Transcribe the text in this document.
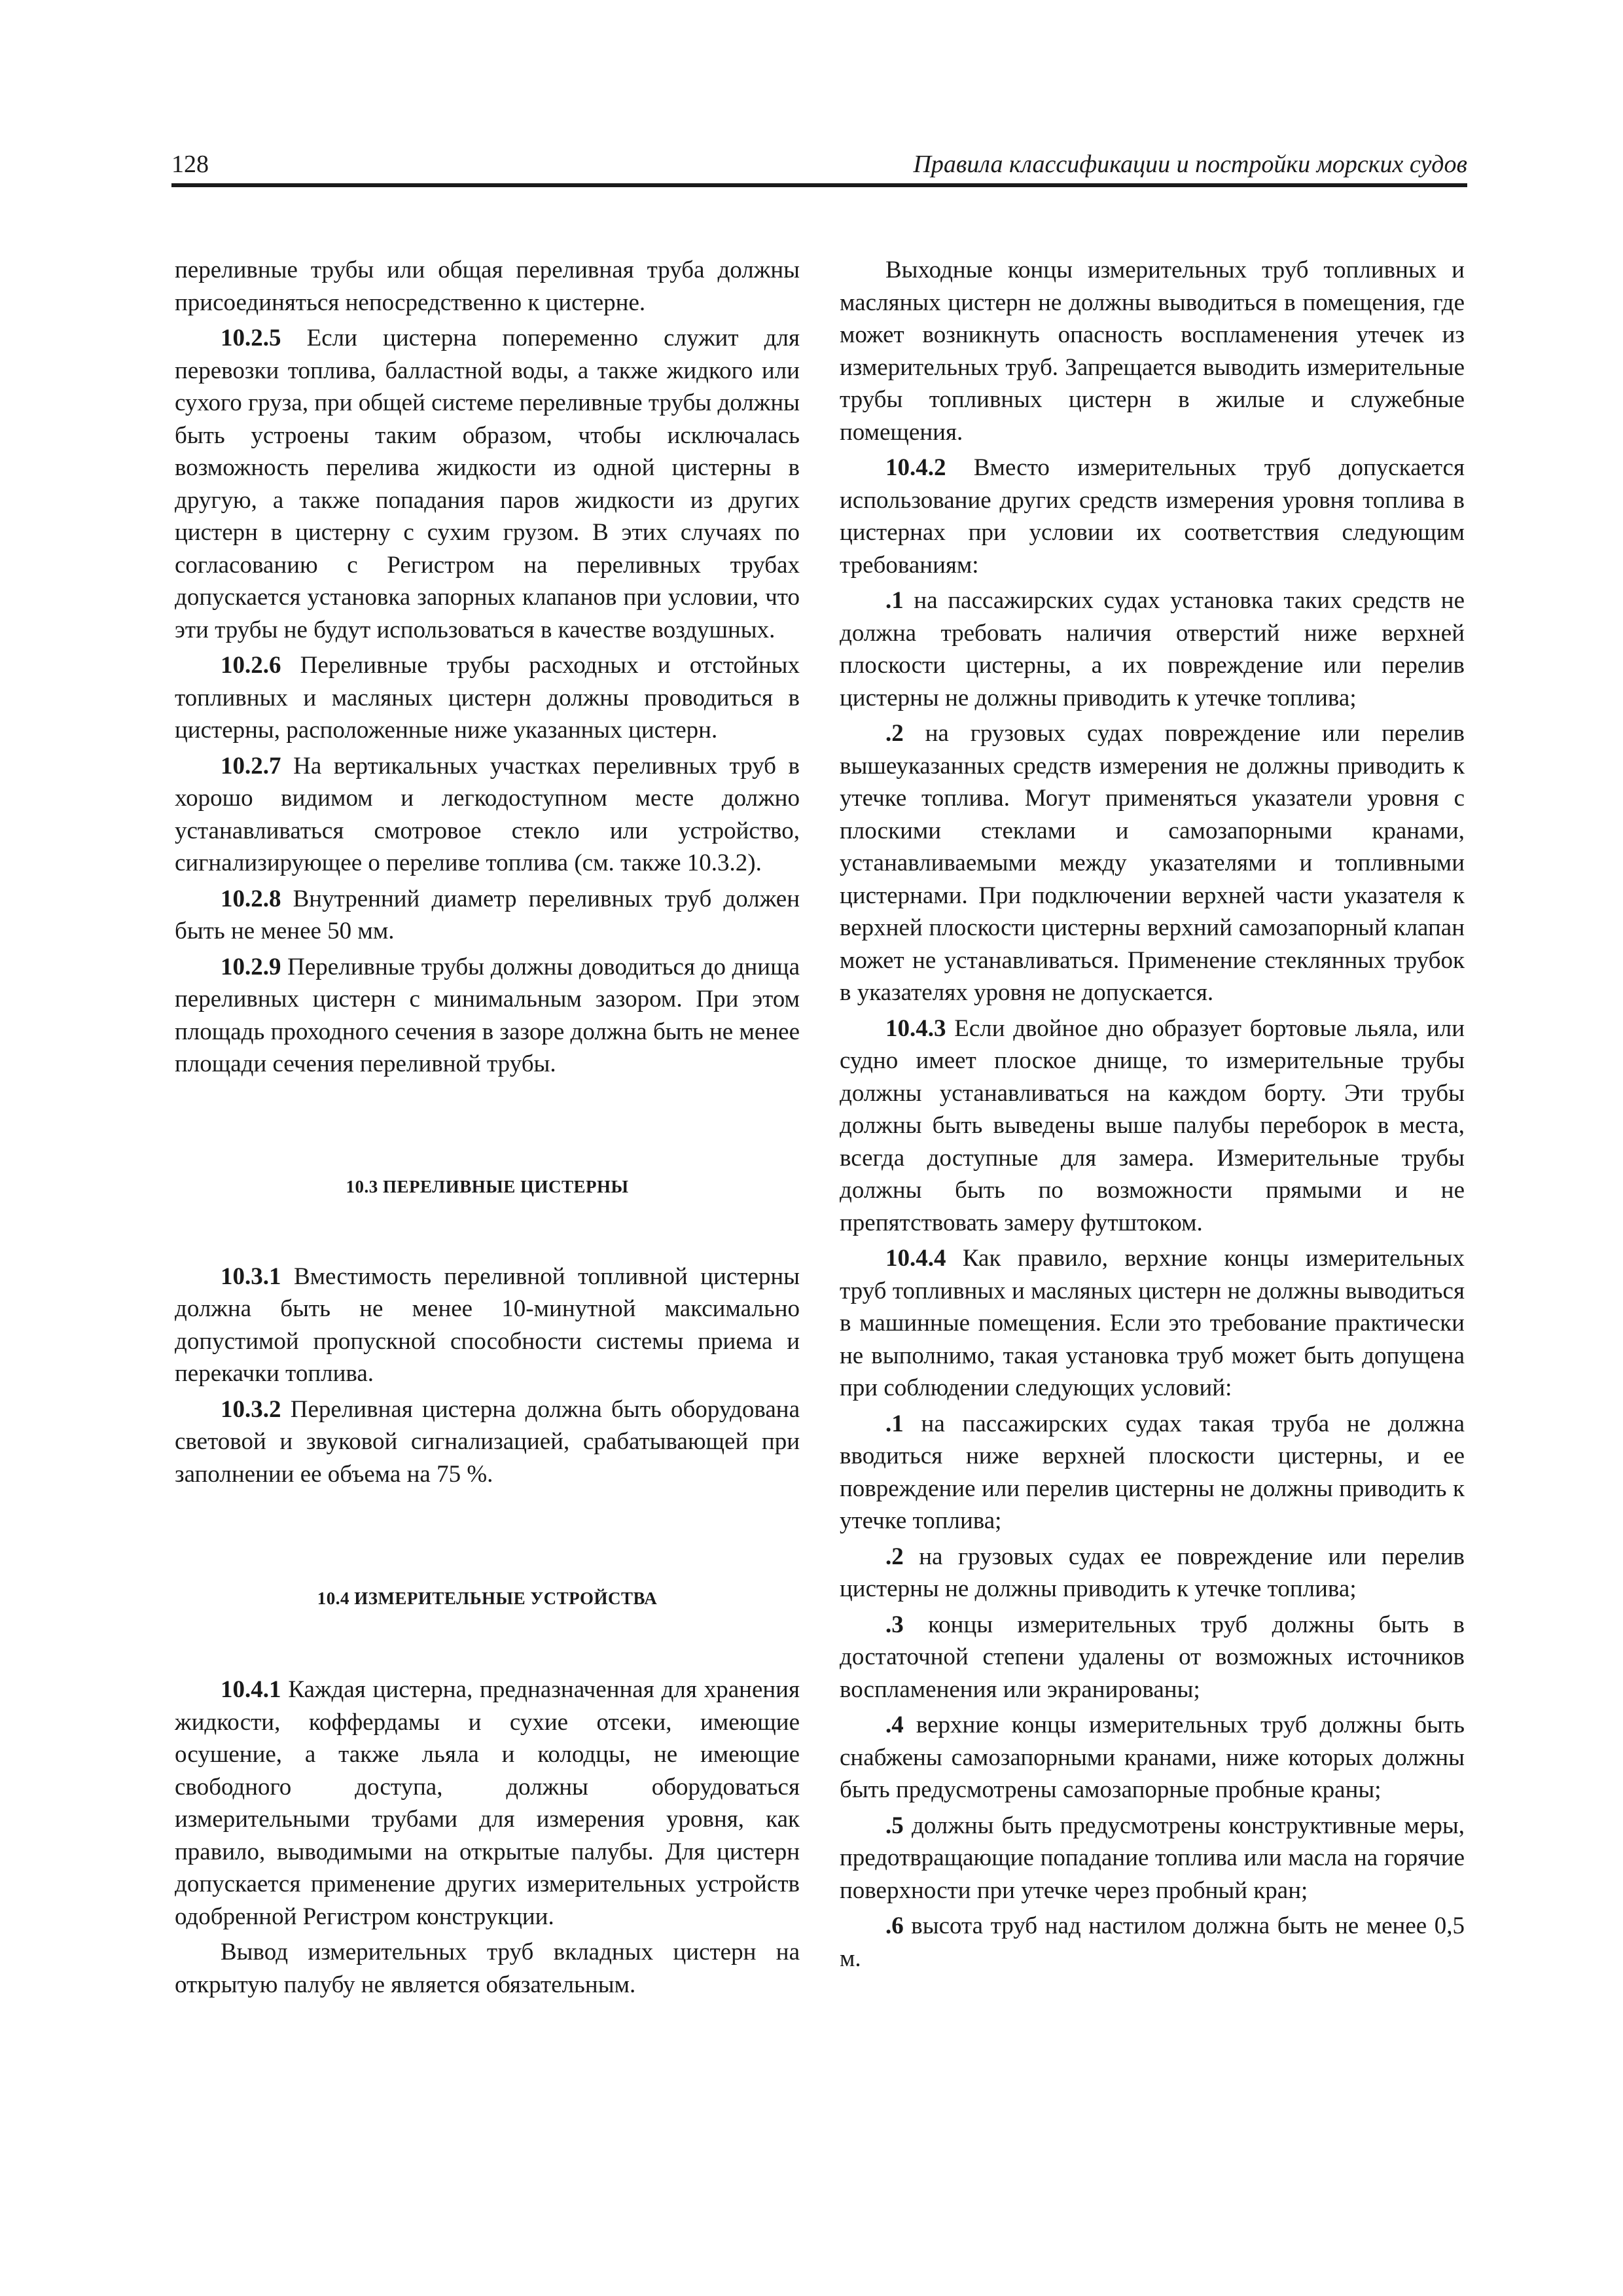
128	Правила классификации и постройки морских судов

переливные трубы или общая переливная труба должны присоединяться непосредственно к цистерне.

10.2.5 Если цистерна попеременно служит для перевозки топлива, балластной воды, а также жидкого или сухого груза, при общей системе переливные трубы должны быть устроены таким образом, чтобы исключалась возможность перелива жидкости из одной цистерны в другую, а также попадания паров жидкости из других цистерн в цистерну с сухим грузом. В этих случаях по согласованию с Регистром на переливных трубах допускается установка запорных клапанов при условии, что эти трубы не будут использоваться в качестве воздушных.

10.2.6 Переливные трубы расходных и отстойных топливных и масляных цистерн должны проводиться в цистерны, расположенные ниже указанных цистерн.

10.2.7 На вертикальных участках переливных труб в хорошо видимом и легкодоступном месте должно устанавливаться смотровое стекло или устройство, сигнализирующее о переливе топлива (см. также 10.3.2).

10.2.8 Внутренний диаметр переливных труб должен быть не менее 50 мм.

10.2.9 Переливные трубы должны доводиться до днища переливных цистерн с минимальным зазором. При этом площадь проходного сечения в зазоре должна быть не менее площади сечения переливной трубы.

10.3 ПЕРЕЛИВНЫЕ ЦИСТЕРНЫ

10.3.1 Вместимость переливной топливной цистерны должна быть не менее 10-минутной максимально допустимой пропускной способности системы приема и перекачки топлива.

10.3.2 Переливная цистерна должна быть оборудована световой и звуковой сигнализацией, срабатывающей при заполнении ее объема на 75 %.

10.4 ИЗМЕРИТЕЛЬНЫЕ УСТРОЙСТВА

10.4.1 Каждая цистерна, предназначенная для хранения жидкости, коффердамы и сухие отсеки, имеющие осушение, а также льяла и колодцы, не имеющие свободного доступа, должны оборудоваться измерительными трубами для измерения уровня, как правило, выводимыми на открытые палубы. Для цистерн допускается применение других измерительных устройств одобренной Регистром конструкции.

Вывод измерительных труб вкладных цистерн на открытую палубу не является обязательным.

Выходные концы измерительных труб топливных и масляных цистерн не должны выводиться в помещения, где может возникнуть опасность воспламенения утечек из измерительных труб. Запрещается выводить измерительные трубы топливных цистерн в жилые и служебные помещения.

10.4.2 Вместо измерительных труб допускается использование других средств измерения уровня топлива в цистернах при условии их соответствия следующим требованиям:

.1 на пассажирских судах установка таких средств не должна требовать наличия отверстий ниже верхней плоскости цистерны, а их повреждение или перелив цистерны не должны приводить к утечке топлива;

.2 на грузовых судах повреждение или перелив вышеуказанных средств измерения не должны приводить к утечке топлива. Могут применяться указатели уровня с плоскими стеклами и самозапорными кранами, устанавливаемыми между указателями и топливными цистернами. При подключении верхней части указателя к верхней плоскости цистерны верхний самозапорный клапан может не устанавливаться. Применение стеклянных трубок в указателях уровня не допускается.

10.4.3 Если двойное дно образует бортовые льяла, или судно имеет плоское днище, то измерительные трубы должны устанавливаться на каждом борту. Эти трубы должны быть выведены выше палубы переборок в места, всегда доступные для замера. Измерительные трубы должны быть по возможности прямыми и не препятствовать замеру футштоком.

10.4.4 Как правило, верхние концы измерительных труб топливных и масляных цистерн не должны выводиться в машинные помещения. Если это требование практически не выполнимо, такая установка труб может быть допущена при соблюдении следующих условий:

.1 на пассажирских судах такая труба не должна вводиться ниже верхней плоскости цистерны, и ее повреждение или перелив цистерны не должны приводить к утечке топлива;

.2 на грузовых судах ее повреждение или перелив цистерны не должны приводить к утечке топлива;

.3 концы измерительных труб должны быть в достаточной степени удалены от возможных источников воспламенения или экранированы;

.4 верхние концы измерительных труб должны быть снабжены самозапорными кранами, ниже которых должны быть предусмотрены самозапорные пробные краны;

.5 должны быть предусмотрены конструктивные меры, предотвращающие попадание топлива или масла на горячие поверхности при утечке через пробный кран;

.6 высота труб над настилом должна быть не менее 0,5 м.
